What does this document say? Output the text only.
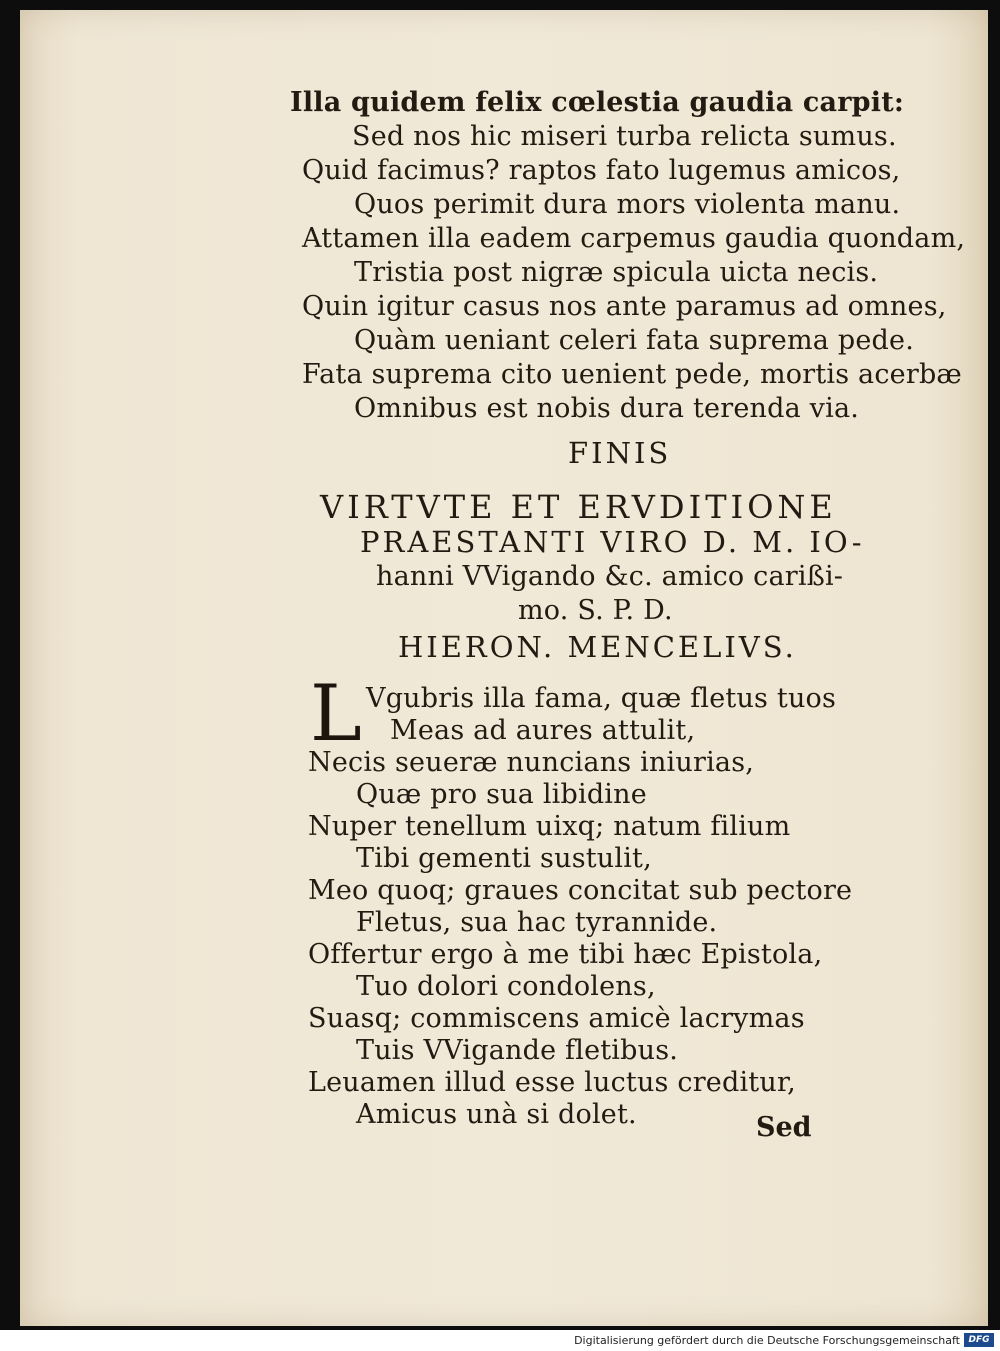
Illa quidem felix cœlestia gaudia carpit:
Sed nos hic miseri turba relicta sumus.
Quid facimus? raptos fato lugemus amicos,
Quos perimit dura mors violenta manu.
Attamen illa eadem carpemus gaudia quondam,
Tristia post nigræ spicula uicta necis.
Quin igitur casus nos ante paramus ad omnes,
Quàm ueniant celeri fata suprema pede.
Fata suprema cito uenient pede, mortis acerbæ
Omnibus est nobis dura terenda via.
FINIS
VIRTVTE ET ERVDITIONE
PRAESTANTI VIRO D. M. IO-
hanni VVigando &c. amico carißi-
mo. S. P. D.
HIERON. MENCELIVS.
L Vgubris illa fama, quæ fletus tuos
Meas ad aures attulit,
Necis seueræ nuncians iniurias,
Quæ pro sua libidine
Nuper tenellum uixq; natum filium
Tibi gementi sustulit,
Meo quoq; graues concitat sub pectore
Fletus, sua hac tyrannide.
Offertur ergo à me tibi hæc Epistola,
Tuo dolori condolens,
Suasq; commiscens amicè lacrymas
Tuis VVigande fletibus.
Leuamen illud esse luctus creditur,
Amicus unà si dolet.	Sed
Digitalisierung gefördert durch die Deutsche Forschungsgemeinschaft DFG
